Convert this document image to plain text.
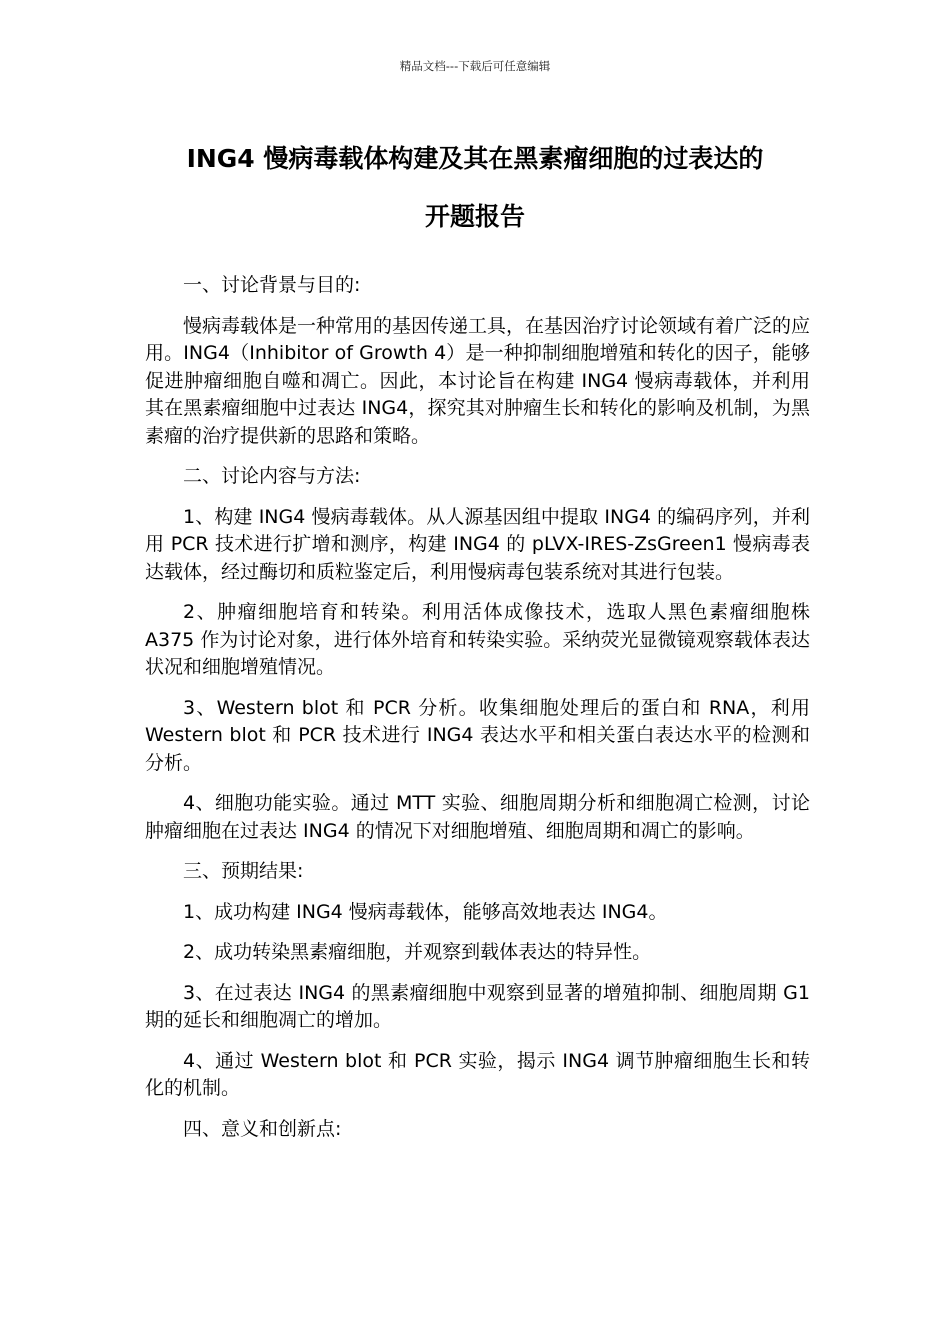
精品文档---下载后可任意编辑
ING4 慢病毒载体构建及其在黑素瘤细胞的过表达的
开题报告

一、讨论背景与目的:

慢病毒载体是一种常用的基因传递工具，在基因治疗讨论领域有着广泛的应用。ING4（Inhibitor of Growth 4）是一种抑制细胞增殖和转化的因子，能够促进肿瘤细胞自噬和凋亡。因此，本讨论旨在构建 ING4 慢病毒载体，并利用其在黑素瘤细胞中过表达 ING4，探究其对肿瘤生长和转化的影响及机制，为黑素瘤的治疗提供新的思路和策略。

二、讨论内容与方法:

1、构建 ING4 慢病毒载体。从人源基因组中提取 ING4 的编码序列，并利用 PCR 技术进行扩增和测序，构建 ING4 的 pLVX-IRES-ZsGreen1 慢病毒表达载体，经过酶切和质粒鉴定后，利用慢病毒包装系统对其进行包装。

2、肿瘤细胞培育和转染。利用活体成像技术，选取人黑色素瘤细胞株 A375 作为讨论对象，进行体外培育和转染实验。采纳荧光显微镜观察载体表达状况和细胞增殖情况。

3、Western blot 和 PCR 分析。收集细胞处理后的蛋白和 RNA，利用 Western blot 和 PCR 技术进行 ING4 表达水平和相关蛋白表达水平的检测和分析。

4、细胞功能实验。通过 MTT 实验、细胞周期分析和细胞凋亡检测，讨论肿瘤细胞在过表达 ING4 的情况下对细胞增殖、细胞周期和凋亡的影响。

三、预期结果:

1、成功构建 ING4 慢病毒载体，能够高效地表达 ING4。

2、成功转染黑素瘤细胞，并观察到载体表达的特异性。

3、在过表达 ING4 的黑素瘤细胞中观察到显著的增殖抑制、细胞周期 G1 期的延长和细胞凋亡的增加。

4、通过 Western blot 和 PCR 实验，揭示 ING4 调节肿瘤细胞生长和转化的机制。

四、意义和创新点:
